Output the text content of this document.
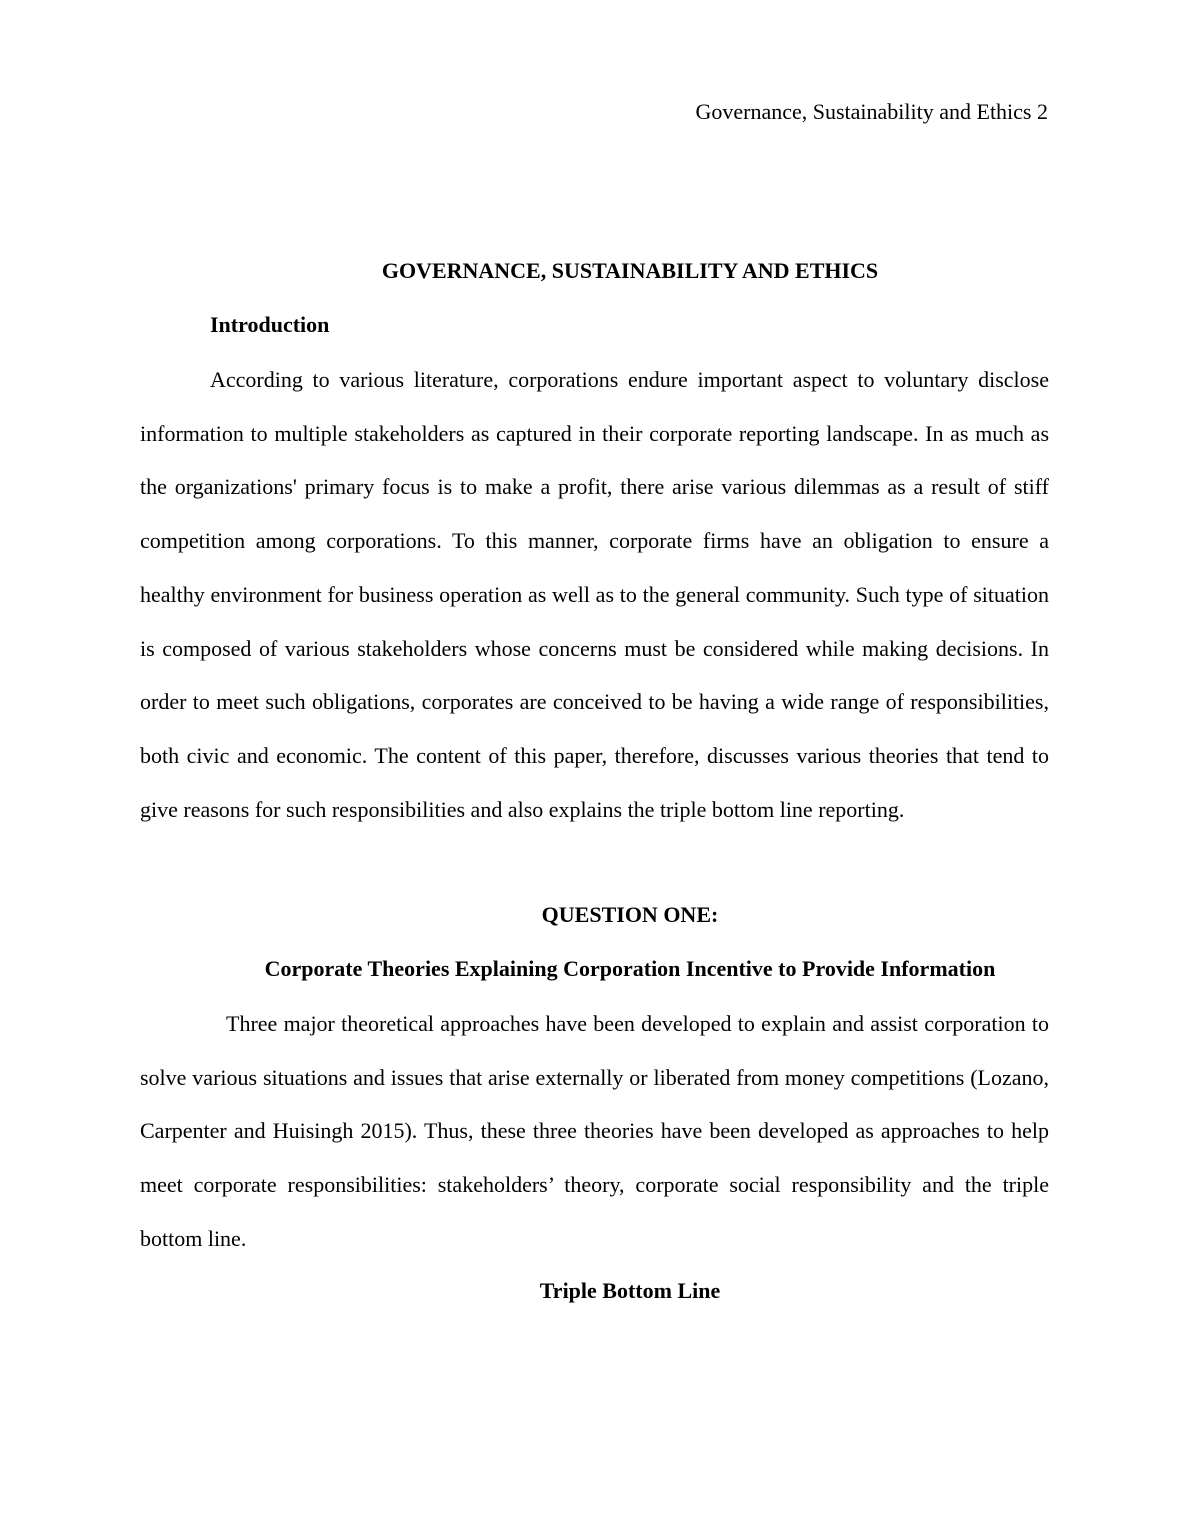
Governance, Sustainability and Ethics 2
GOVERNANCE, SUSTAINABILITY AND ETHICS
Introduction

According to various literature, corporations endure important aspect to voluntary disclose information to multiple stakeholders as captured in their corporate reporting landscape. In as much as the organizations' primary focus is to make a profit, there arise various dilemmas as a result of stiff competition among corporations. To this manner, corporate firms have an obligation to ensure a healthy environment for business operation as well as to the general community. Such type of situation is composed of various stakeholders whose concerns must be considered while making decisions. In order to meet such obligations, corporates are conceived to be having a wide range of responsibilities, both civic and economic. The content of this paper, therefore, discusses various theories that tend to give reasons for such responsibilities and also explains the triple bottom line reporting.

QUESTION ONE:
Corporate Theories Explaining Corporation Incentive to Provide Information

Three major theoretical approaches have been developed to explain and assist corporation to solve various situations and issues that arise externally or liberated from money competitions (Lozano, Carpenter and Huisingh 2015). Thus, these three theories have been developed as approaches to help meet corporate responsibilities: stakeholders’ theory, corporate social responsibility and the triple bottom line.

Triple Bottom Line
